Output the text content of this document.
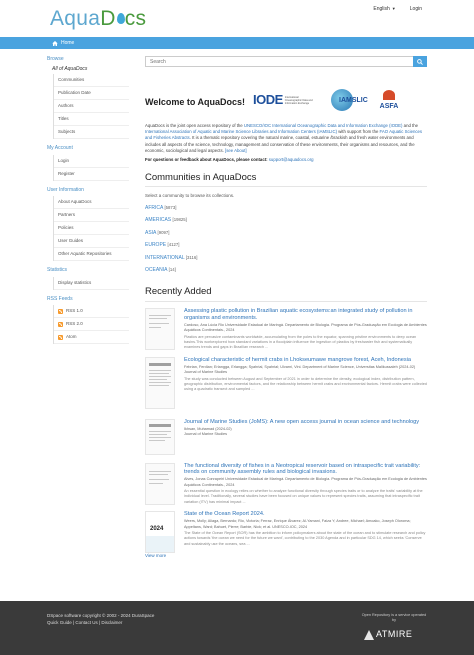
AquaD cs	English ▼	Login
Home
Browse
All of AquaDocs
Communities
Publication Date
Authors
Titles
Subjects
My Account
Login
Register
User Information
About AquaDocs
Partners
Policies
User Guides
Other Aquatic Repositories
Statistics
Display statistics
RSS Feeds
RSS 1.0
RSS 2.0
Atom
Search
Welcome to AquaDocs! IODE International Oceanographic Data and Information Exchange	IAMSLIC
ASFA
AquaDocs is the joint open access repository of the UNESCO/IOC International Oceanographic Data and Information Exchange (IODE) and the International Association of Aquatic and Marine Science Libraries and Information Centers (IAMSLIC) with support from the FAO Aquatic Sciences and Fisheries Abstracts. It is a thematic repository covering the natural marine, coastal, estuarine /brackish and fresh water environments and includes all aspects of the science, technology, management and conservation of these environments, their organisms and resources, and the economic, sociological and legal aspects. [see About]
For questions or feedback about AquaDocs, please contact: support@aquadocs.org
Communities in AquaDocs
Select a community to browse its collections.
AFRICA [5873]
AMERICAS [19825]
ASIA [9097]
EUROPE [4127]
INTERNATIONAL [3116]
OCEANIA [14]
Recently Added
Assessing plastic pollution in Brazilian aquatic ecosystems:an integrated study of pollution in organisms and environments.
Cardoso, Ana Lúcia Rio Universidade Estadual de Maringá. Departamento de Biologia. Programa de Pós-Graduação em Ecologia de Ambientes Aquáticos Continentais., 2024
Plastics are pervasive contaminants worldwide, accumulating from the poles to the equator, spanning pristine environments to deep ocean basins.This workexplored how standard variations in a floodplain influence the ingestion of plastics by freshwater fish and systematically examines trends and gaps in Brazilian research ...
Ecological characteristic of hermit crabs in Lhokseumawe mangrove forest, Aceh, Indonesia
Febrian, Ferdian; Erlangga, Erlangga; Syahrial, Syahrial; Ulvarni, Vini. Department of Marine Science, Universitas Malikussaleh (2024-02)
Journal of Marine Studies
The study was conducted between August and September of 2021 in order to determine the density, ecological index, distribution pattern, geographic distribution, environmental factors, and the relationship between hermit crabs and environmental factors. Hermit crabs were collected using a quadratic transect and sampled ...
Journal of Marine Studies (JoMS): A new open access journal in ocean science and technology
Ikhsan, Muhamad (2024-02)
Journal of Marine Studies
The functional diversity of fishes in a Neotropical reservoir based on intraspecific trait variability: trends on community assembly rules and biological invasions.
Alves, Jonas Conrapeiri Universidade Estadual de Maringá. Departamento de Biologia. Programa de Pós-Graduação em Ecologia de Ambientes Aquáticos Continentais., 2024
An essential question in ecology relies on whether to analyze functional diversity through species traits or to analyze the traits' variability at the individual level. Traditionally, several studies have been focused on unique values to represent species traits, assuming that intraspecific trait variation (ITV) has minimal impact ...
2024
State of the Ocean Report 2024.
Weers, Molly; Aliaga, Bernardo; Rio, Victoria; Ferraz, Enrique Álvarez; Al-Yamani, Faiza Y; Andree, Michael; Amoako, Joseph Oloroma; Appeltans, Ward; Bahuet, Pierre; Barbie, Nick; et al. UNESCO-IOC, 2024
The State of the Ocean Report (SOR) has the ambition to inform policymakers about the state of the ocean and to stimulate research and policy actions towards 'the ocean we need for the future we want', contributing to the 2030 Agenda and in particular SDG 14, which seeks 'Conserve and sustainably use the oceans, sea ...
View more
DSpace software copyright © 2002 - 2024 DuraSpace
Quick Guide | Contact Us | Disclaimer
Open Repository is a service operated by
ATMIRE
